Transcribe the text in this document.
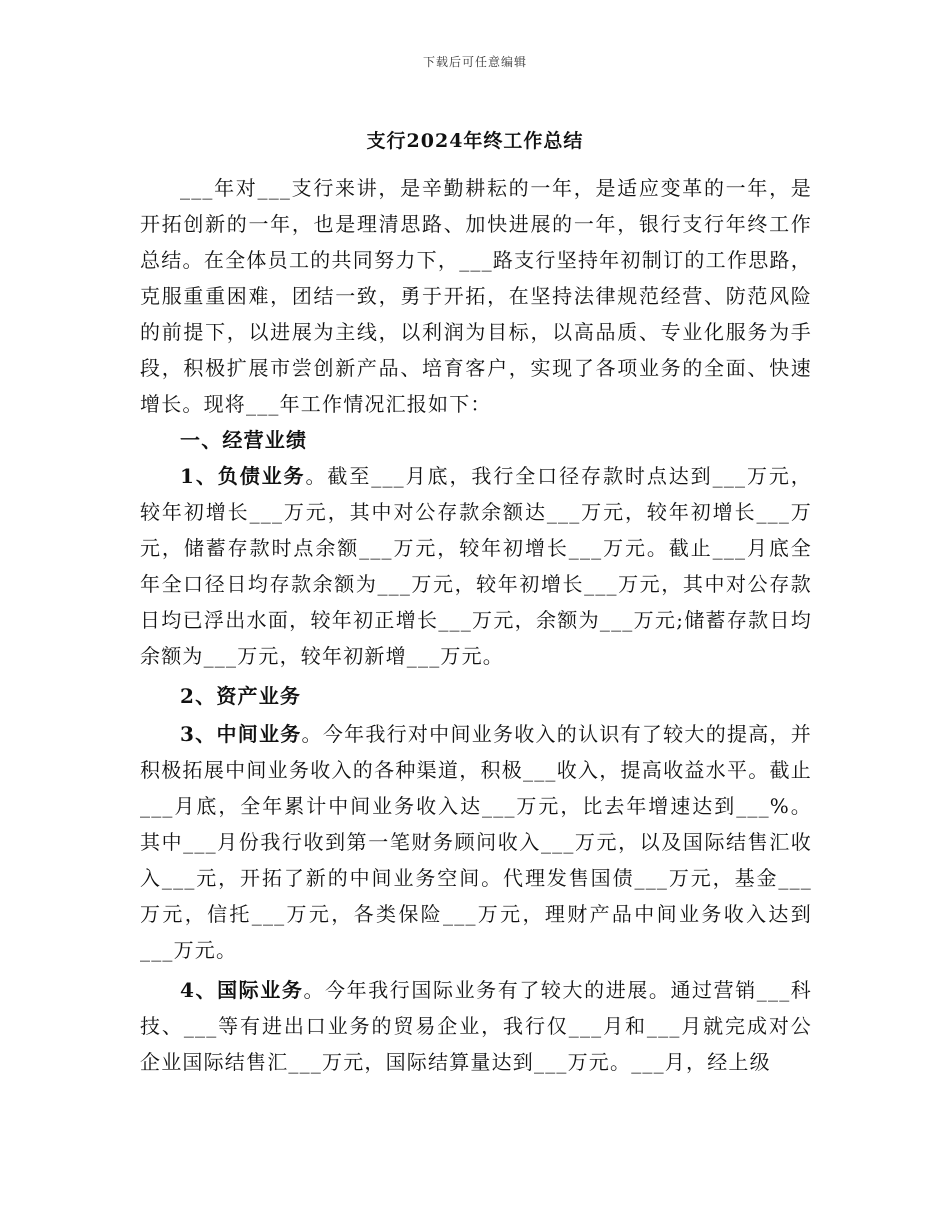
下载后可任意编辑
支行2024年终工作总结

___年对___支行来讲，是辛勤耕耘的一年，是适应变革的一年，是开拓创新的一年，也是理清思路、加快进展的一年，银行支行年终工作总结。在全体员工的共同努力下，___路支行坚持年初制订的工作思路，克服重重困难，团结一致，勇于开拓，在坚持法律规范经营、防范风险的前提下，以进展为主线，以利润为目标，以高品质、专业化服务为手段，积极扩展市尝创新产品、培育客户，实现了各项业务的全面、快速增长。现将___年工作情况汇报如下：

一、经营业绩

1、负债业务。截至___月底，我行全口径存款时点达到___万元，较年初增长___万元，其中对公存款余额达___万元，较年初增长___万元，储蓄存款时点余额___万元，较年初增长___万元。截止___月底全年全口径日均存款余额为___万元，较年初增长___万元，其中对公存款日均已浮出水面，较年初正增长___万元，余额为___万元;储蓄存款日均余额为___万元，较年初新增___万元。

2、资产业务

3、中间业务。今年我行对中间业务收入的认识有了较大的提高，并积极拓展中间业务收入的各种渠道，积极___收入，提高收益水平。截止___月底，全年累计中间业务收入达___万元，比去年增速达到___%。其中___月份我行收到第一笔财务顾问收入___万元，以及国际结售汇收入___元，开拓了新的中间业务空间。代理发售国债___万元，基金___万元，信托___万元，各类保险___万元，理财产品中间业务收入达到___万元。

4、国际业务。今年我行国际业务有了较大的进展。通过营销___科技、___等有进出口业务的贸易企业，我行仅___月和___月就完成对公企业国际结售汇___万元，国际结算量达到___万元。___月，经上级
